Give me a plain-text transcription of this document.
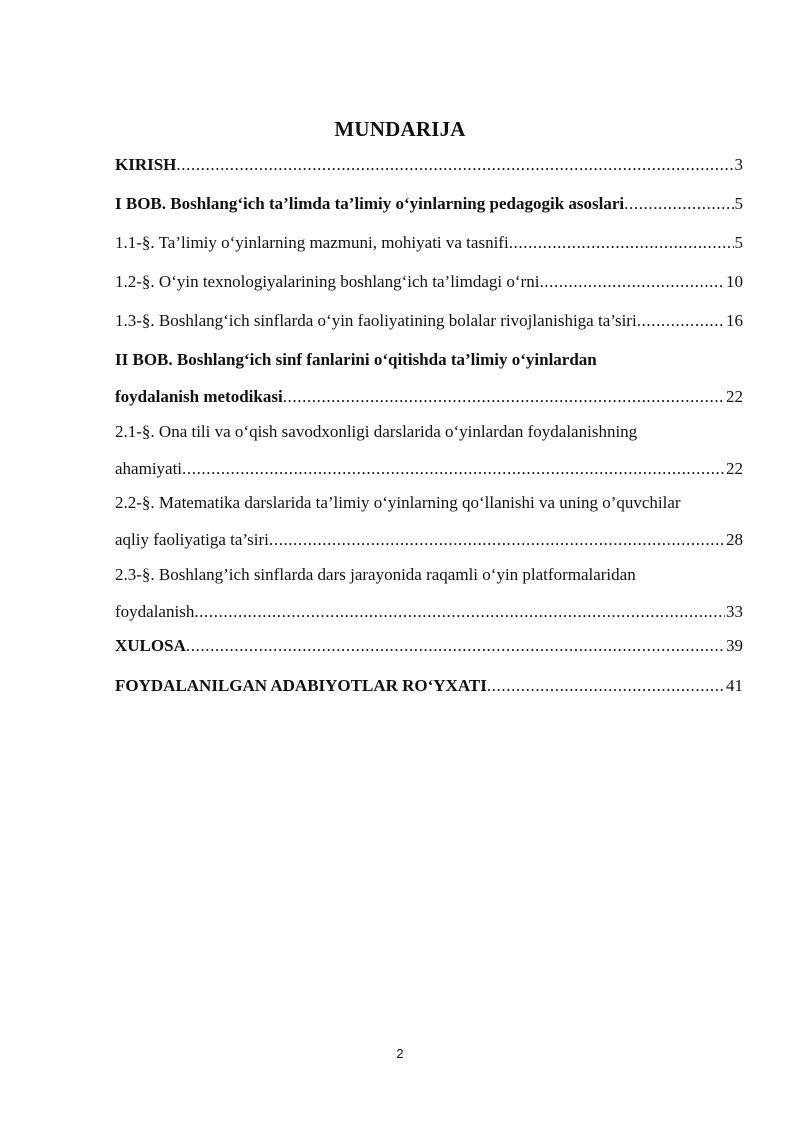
MUNDARIJA
KIRISH .....	3
I BOB. Boshlang‘ich ta’limda ta’limiy o‘yinlarning pedagogik asoslari .....	5
1.1-§. Ta’limiy o‘yinlarning mazmuni, mohiyati va tasnifi .....	5
1.2-§. O‘yin texnologiyalarining boshlang‘ich ta’limdagi o‘rni .....	10
1.3-§. Boshlang‘ich sinflarda o‘yin faoliyatining bolalar rivojlanishiga ta’siri .....	16
II BOB. Boshlang‘ich sinf fanlarini o‘qitishda ta’limiy o‘yinlardan
foydalanish metodikasi .....	22
2.1-§. Ona tili va o‘qish savodxonligi darslarida o‘yinlardan foydalanishning
ahamiyati .....	22
2.2-§. Matematika darslarida ta’limiy o‘yinlarning qo‘llanishi va uning o’quvchilar
aqliy faoliyatiga ta’siri .....	28
2.3-§. Boshlang’ich sinflarda dars jarayonida raqamli o‘yin platformalaridan
foydalanish .....	33
XULOSA .....	39
FOYDALANILGAN ADABIYOTLAR RO‘YXATI .....	41
2
